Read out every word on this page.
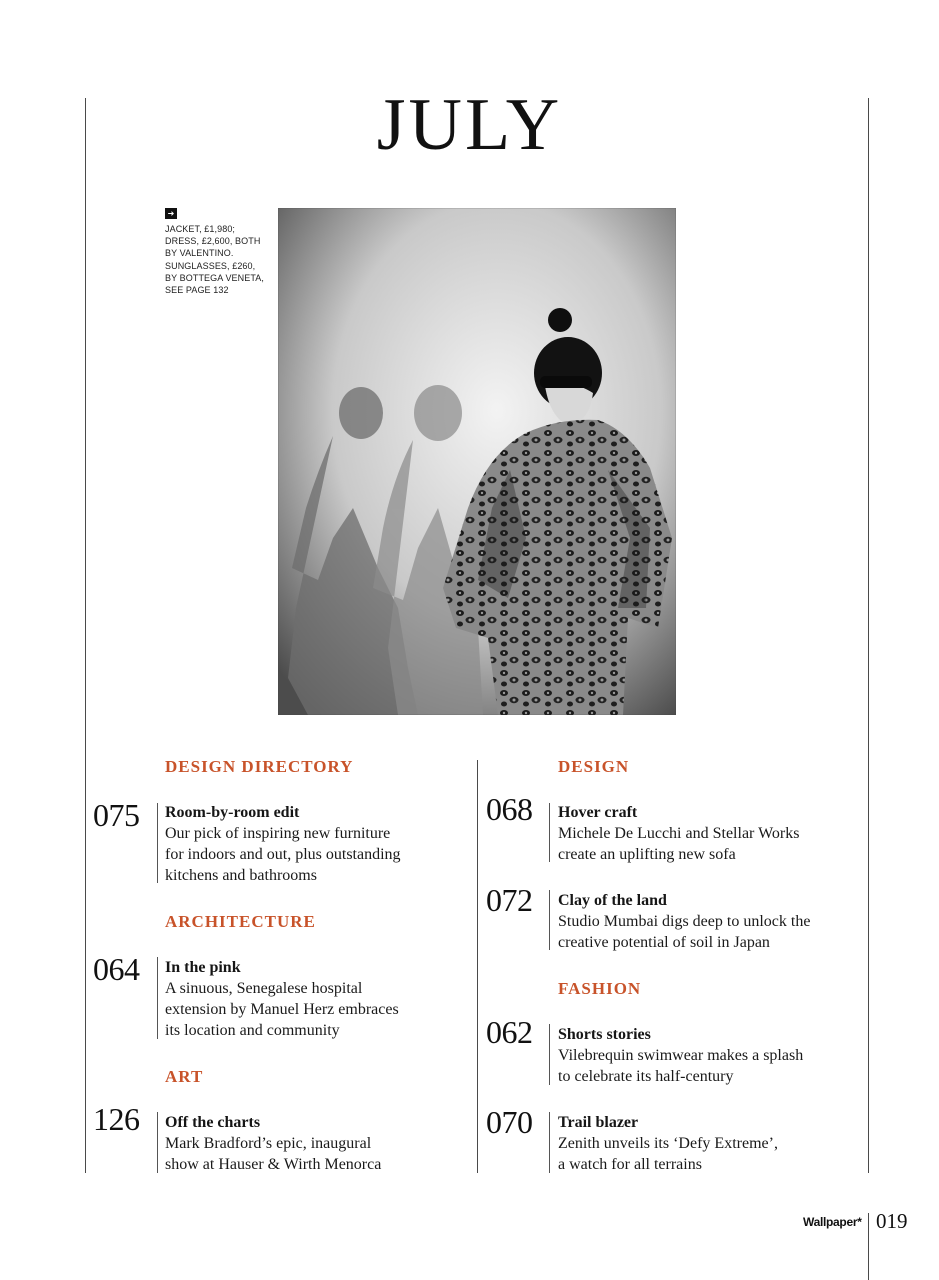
JULY
➜
JACKET, £1,980;
DRESS, £2,600, BOTH
BY VALENTINO.
SUNGLASSES, £260,
BY BOTTEGA VENETA,
SEE PAGE 132
DESIGN DIRECTORY
075 Room-by-room edit
Our pick of inspiring new furniture
for indoors and out, plus outstanding
kitchens and bathrooms
ARCHITECTURE
064 In the pink
A sinuous, Senegalese hospital
extension by Manuel Herz embraces
its location and community
ART
126 Off the charts
Mark Bradford’s epic, inaugural
show at Hauser & Wirth Menorca
DESIGN
068 Hover craft
Michele De Lucchi and Stellar Works
create an uplifting new sofa
072 Clay of the land
Studio Mumbai digs deep to unlock the
creative potential of soil in Japan
FASHION
062 Shorts stories
Vilebrequin swimwear makes a splash
to celebrate its half-century
070 Trail blazer
Zenith unveils its ‘Defy Extreme’,
a watch for all terrains
Wallpaper* 019
